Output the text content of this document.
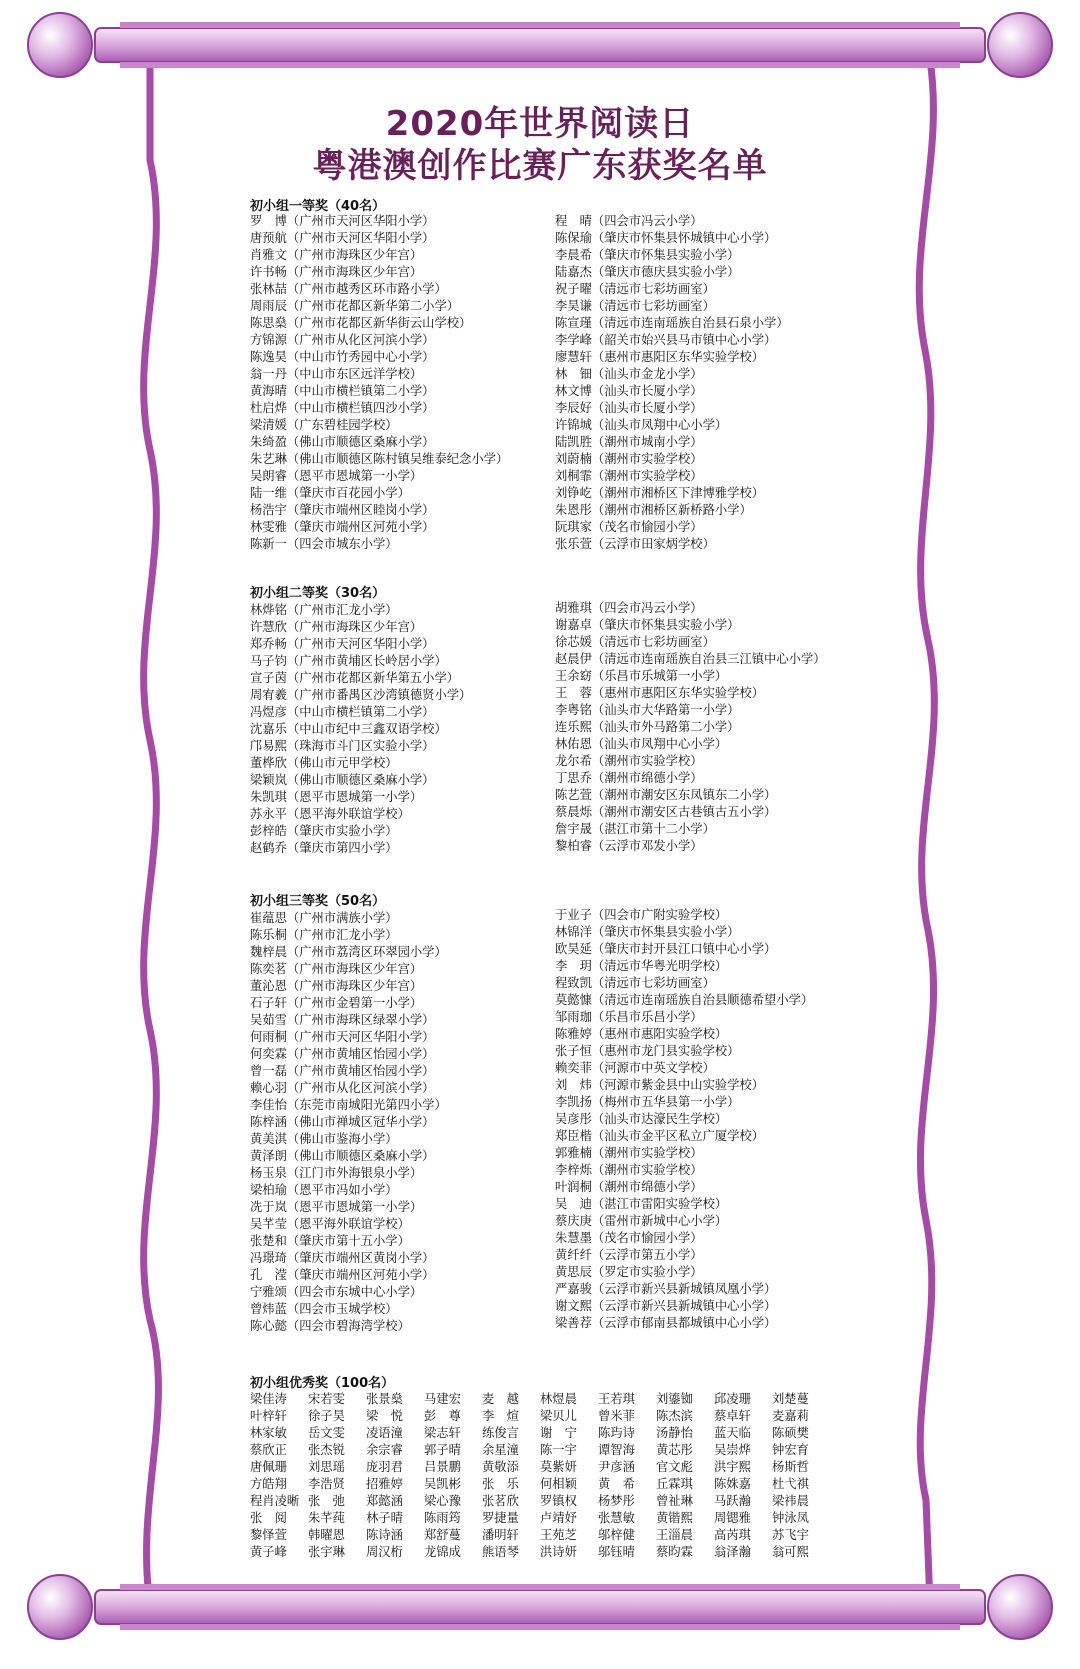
2020年世界阅读日
粤港澳创作比赛广东获奖名单
初小组一等奖（40名）
罗　博（广州市天河区华阳小学）
唐预航（广州市天河区华阳小学）
肖雅文（广州市海珠区少年宫）
许书畅（广州市海珠区少年宫）
张林喆（广州市越秀区环市路小学）
周雨辰（广州市花都区新华第二小学）
陈思燊（广州市花都区新华街云山学校）
方锦源（广州市从化区河滨小学）
陈逸昊（中山市竹秀园中心小学）
翁一丹（中山市东区远洋学校）
黄海晴（中山市横栏镇第二小学）
杜启烨（中山市横栏镇四沙小学）
梁清媛（广东碧桂园学校）
朱绮盈（佛山市顺德区桑麻小学）
朱艺琳（佛山市顺德区陈村镇吴维泰纪念小学）
吴朗睿（恩平市恩城第一小学）
陆一维（肇庆市百花园小学）
杨浩宇（肇庆市端州区睦岗小学）
林雯雅（肇庆市端州区河苑小学）
陈新一（四会市城东小学）
程　晴（四会市冯云小学）
陈保瑜（肇庆市怀集县怀城镇中心小学）
李晨希（肇庆市怀集县实验小学）
陆嘉杰（肇庆市德庆县实验小学）
祝子曜（清远市七彩坊画室）
李昊谦（清远市七彩坊画室）
陈宣瑾（清远市连南瑶族自治县石泉小学）
李学峰（韶关市始兴县马市镇中心小学）
廖慧轩（惠州市惠阳区东华实验学校）
林　钿（汕头市金龙小学）
林文博（汕头市长厦小学）
李辰好（汕头市长厦小学）
许锦城（汕头市凤翔中心小学）
陆凯胜（潮州市城南小学）
刘蔚楠（潮州市实验学校）
刘桐霏（潮州市实验学校）
刘铮屹（潮州市湘桥区下津博雅学校）
朱恩彤（潮州市湘桥区新桥路小学）
阮琪家（茂名市愉园小学）
张乐萱（云浮市田家炳学校）
初小组二等奖（30名）
林烨铭（广州市汇龙小学）
许慧欣（广州市海珠区少年宫）
郑乔畅（广州市天河区华阳小学）
马子钧（广州市黄埔区长岭居小学）
宣子茵（广州市花都区新华第五小学）
周宥羲（广州市番禺区沙湾镇德贤小学）
冯煜彦（中山市横栏镇第二小学）
沈嘉乐（中山市纪中三鑫双语学校）
邝易熙（珠海市斗门区实验小学）
董桦欣（佛山市元甲学校）
梁颖岚（佛山市顺德区桑麻小学）
朱凯琪（恩平市恩城第一小学）
苏永平（恩平海外联谊学校）
彭梓皓（肇庆市实验小学）
赵鹤乔（肇庆市第四小学）
胡雅琪（四会市冯云小学）
谢嘉卓（肇庆市怀集县实验小学）
徐芯媛（清远市七彩坊画室）
赵晨伊（清远市连南瑶族自治县三江镇中心小学）
王余窈（乐昌市乐城第一小学）
王　蓉（惠州市惠阳区东华实验学校）
李粤铭（汕头市大华路第一小学）
连乐熙（汕头市外马路第二小学）
林佑恩（汕头市凤翔中心小学）
龙尔希（潮州市实验学校）
丁思乔（潮州市绵德小学）
陈艺萱（潮州市潮安区东凤镇东二小学）
蔡晨烁（潮州市潮安区古巷镇古五小学）
詹宇晟（湛江市第十二小学）
黎柏睿（云浮市邓发小学）
初小组三等奖（50名）
崔蕴思（广州市满族小学）
陈乐桐（广州市汇龙小学）
魏梓晨（广州市荔湾区环翠园小学）
陈奕茗（广州市海珠区少年宫）
董沁恩（广州市海珠区少年宫）
石子轩（广州市金碧第一小学）
吴茹雪（广州市海珠区绿翠小学）
何雨桐（广州市天河区华阳小学）
何奕霖（广州市黄埔区怡园小学）
曾一磊（广州市黄埔区怡园小学）
赖心羽（广州市从化区河滨小学）
李佳怡（东莞市南城阳光第四小学）
陈梓涵（佛山市禅城区冠华小学）
黄美淇（佛山市鉴海小学）
黄泽朗（佛山市顺德区桑麻小学）
杨玉泉（江门市外海银泉小学）
梁柏瑜（恩平市冯如小学）
冼于岚（恩平市恩城第一小学）
吴芊莹（恩平海外联谊学校）
张楚和（肇庆市第十五小学）
冯璟琦（肇庆市端州区黄岗小学）
孔　滢（肇庆市端州区河苑小学）
宁雅颂（四会市东城中心小学）
曾炜蓝（四会市玉城学校）
陈心懿（四会市碧海湾学校）
于业子（四会市广附实验学校）
林锦洋（肇庆市怀集县实验小学）
欧昊延（肇庆市封开县江口镇中心小学）
李　玥（清远市华粤光明学校）
程致凯（清远市七彩坊画室）
莫懿慷（清远市连南瑶族自治县顺德希望小学）
邹雨珈（乐昌市乐昌小学）
陈雅婷（惠州市惠阳实验学校）
张子恒（惠州市龙门县实验学校）
赖奕菲（河源市中英文学校）
刘　炜（河源市紫金县中山实验学校）
李凯扬（梅州市五华县第一小学）
吴彦彤（汕头市达濠民生学校）
郑臣楷（汕头市金平区私立广厦学校）
郭雅楠（潮州市实验学校）
李梓烁（潮州市实验学校）
叶润桐（潮州市绵德小学）
吴　迪（湛江市雷阳实验学校）
蔡庆庚（雷州市新城中心小学）
朱慧墨（茂名市愉园小学）
黄纤纤（云浮市第五小学）
黄思辰（罗定市实验小学）
严嘉骏（云浮市新兴县新城镇凤凰小学）
谢文熙（云浮市新兴县新城镇中心小学）
梁善荐（云浮市郁南县都城镇中心小学）
初小组优秀奖（100名）
梁佳涛	宋若雯	张景燊	马建宏	麦　越	林煜晨	王若琪	刘鎏铷	邱凌珊	刘楚蔓
叶梓轩	徐子昊	梁　悦	彭　尊	李　煊	梁贝儿	曾米菲	陈杰滨	蔡卓轩	麦嘉莉
林家敏	岳文雯	凌语潼	梁志轩	练俊言	谢　宁	陈玙诗	汤静怡	蓝天临	陈硕樊
蔡欣正	张杰锐	余宗睿	郭子晴	余星潼	陈一宇	谭智海	黄芯彤	吴崇烨	钟宏育
唐佩珊	刘思瑶	庞羽君	吕景鹏	黄敬添	莫紫妍	尹彦涵	官文彪	洪宇熙	杨斯哲
方皓翔	李浩贤	招雅婷	吴凯彬	张　乐	何相颖	黄　希	丘霖琪	陈姝嘉	杜弋祺
程肖凌晰 张　弛	郑懿涵	梁心豫	张茗欣	罗镇权	杨梦彤	曾祉琳	马跃瀚	梁祎晨
张　阅	朱芊莼	林子晴	陈雨筠	罗捷量	卢靖妤	张慧敏	黄锴熙	周锶雅	钟泳凤
黎怿萱	韩曜恩	陈诗涵	郑舒蔓	潘明轩	王苑芝	邬梓健	王淄晨	高芮琪	苏飞宇
黄子峰	张宇琳	周汉桁	龙锦成	熊语琴	洪诗妍	邬钰晴	蔡昀霖	翁泽瀚	翁可熙
